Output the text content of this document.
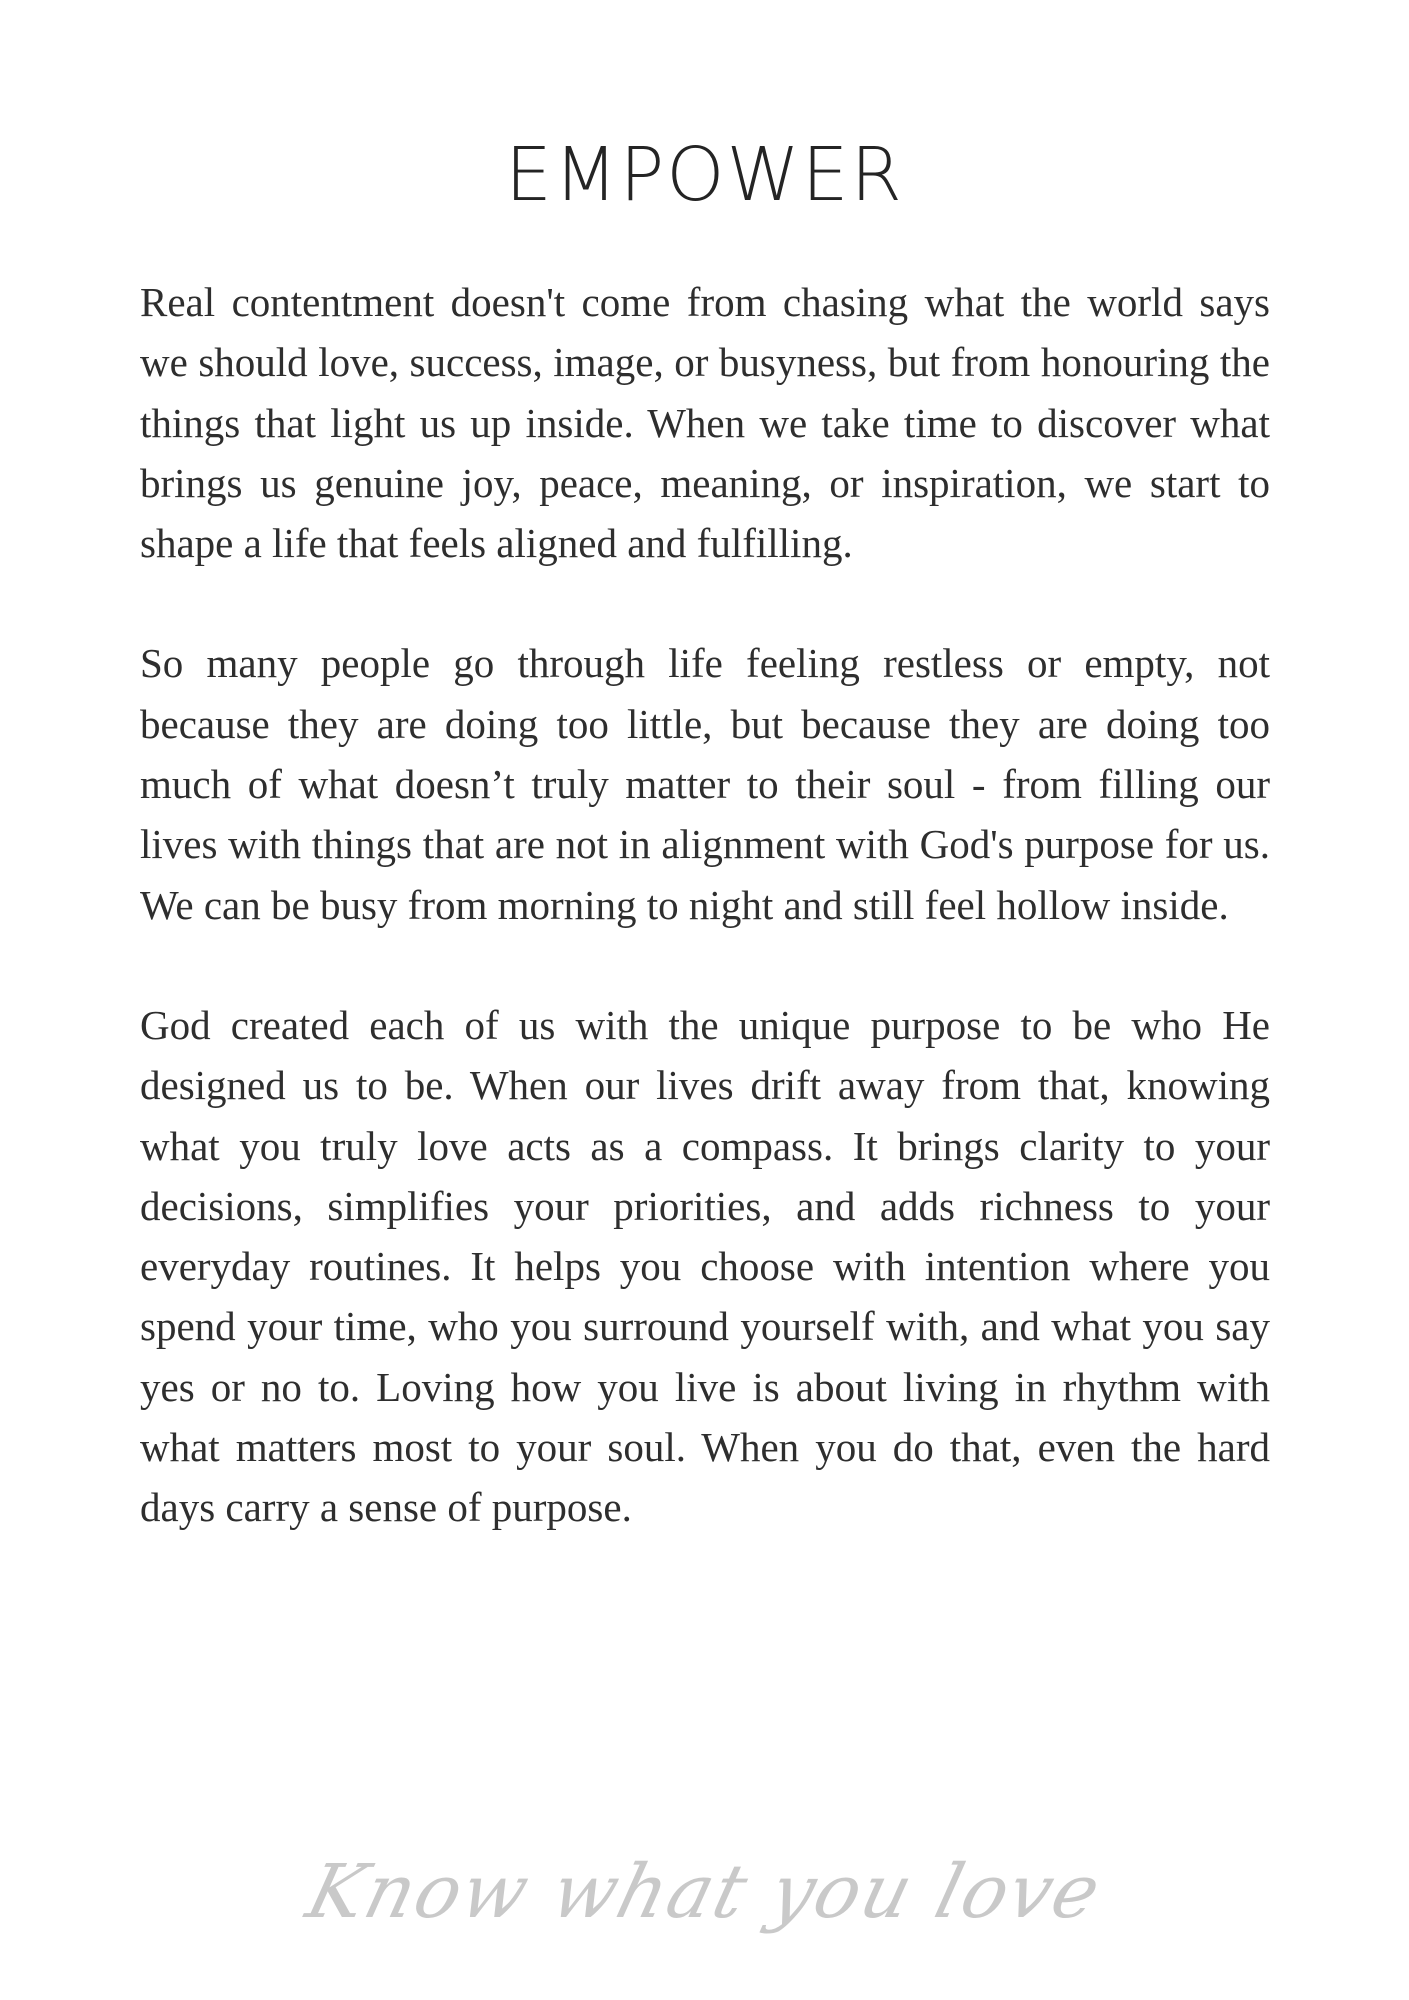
EMPOWER

Real contentment doesn't come from chasing what the world says we should love, success, image, or busyness, but from honouring the things that light us up inside. When we take time to discover what brings us genuine joy, peace, meaning, or inspiration, we start to shape a life that feels aligned and fulfilling.

So many people go through life feeling restless or empty, not because they are doing too little, but because they are doing too much of what doesn’t truly matter to their soul - from filling our lives with things that are not in alignment with God's purpose for us. We can be busy from morning to night and still feel hollow inside.

God created each of us with the unique purpose to be who He designed us to be. When our lives drift away from that, knowing what you truly love acts as a compass. It brings clarity to your decisions, simplifies your priorities, and adds richness to your everyday routines. It helps you choose with intention where you spend your time, who you surround yourself with, and what you say yes or no to. Loving how you live is about living in rhythm with what matters most to your soul. When you do that, even the hard days carry a sense of purpose.

Know what you love
